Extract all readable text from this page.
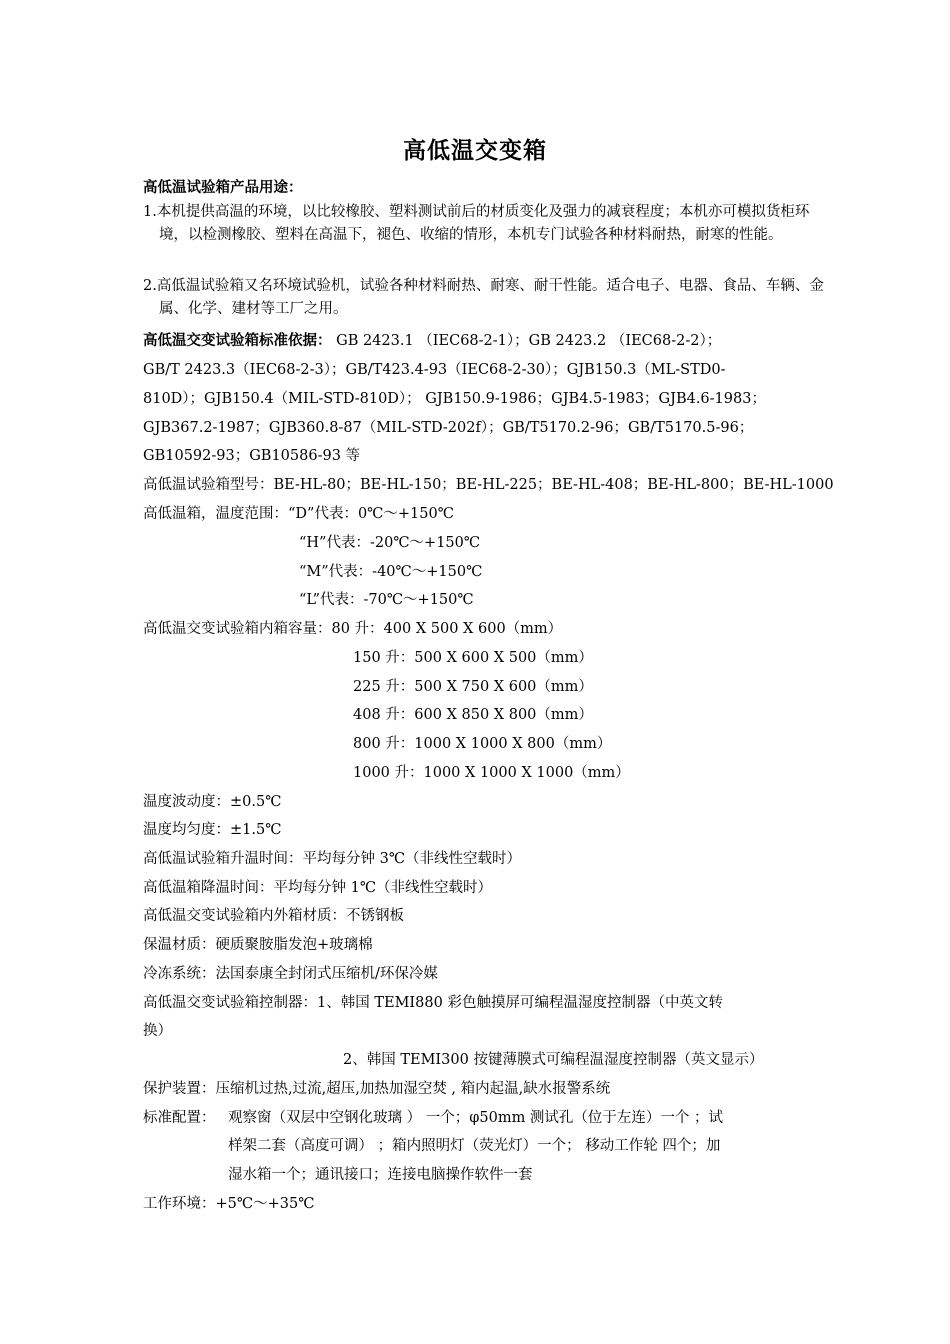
高低温交变箱
高低温试验箱产品用途：
1.本机提供高温的环境，以比较橡胶、塑料测试前后的材质变化及强力的减衰程度；本机亦可模拟货柜环境，以检测橡胶、塑料在高温下，褪色、收缩的情形，本机专门试验各种材料耐热，耐寒的性能。
2.高低温试验箱又名环境试验机，试验各种材料耐热、耐寒、耐干性能。适合电子、电器、食品、车辆、金属、化学、建材等工厂之用。
高低温交变试验箱标准依据： GB 2423.1 （IEC68-2-1）；GB 2423.2 （IEC68-2-2）；
GB/T 2423.3（IEC68-2-3）；GB/T423.4-93（IEC68-2-30）；GJB150.3（ML-STD0-
810D）；GJB150.4（MIL-STD-810D）； GJB150.9-1986；GJB4.5-1983；GJB4.6-1983；
GJB367.2-1987；GJB360.8-87（MIL-STD-202f）；GB/T5170.2-96；GB/T5170.5-96；
GB10592-93；GB10586-93 等
高低温试验箱型号：BE-HL-80；BE-HL-150；BE-HL-225；BE-HL-408；BE-HL-800；BE-HL-1000
高低温箱，温度范围：“D”代表：0℃～+150℃
“H”代表：-20℃～+150℃
“M”代表：-40℃～+150℃
“L”代表：-70℃～+150℃
高低温交变试验箱内箱容量：80 升：400 X 500 X 600（mm）
150 升：500 X 600 X 500（mm）
225 升：500 X 750 X 600（mm）
408 升：600 X 850 X 800（mm）
800 升：1000 X 1000 X 800（mm）
1000 升：1000 X 1000 X 1000（mm）
温度波动度：±0.5℃
温度均匀度：±1.5℃
高低温试验箱升温时间：平均每分钟 3℃（非线性空载时）
高低温箱降温时间：平均每分钟 1℃（非线性空载时）
高低温交变试验箱内外箱材质：不锈钢板
保温材质：硬质聚胺脂发泡+玻璃棉
冷冻系统：法国泰康全封闭式压缩机/环保冷媒
高低温交变试验箱控制器：1、韩国 TEMI880 彩色触摸屏可编程温湿度控制器（中英文转
换）
2、韩国 TEMI300 按键薄膜式可编程温湿度控制器（英文显示）
保护装置：压缩机过热,过流,超压,加热加湿空焚 , 箱内起温,缺水报警系统
标准配置： 观察窗（双层中空钢化玻璃 ） 一个；φ50mm 测试孔（位于左连）一个 ；试
样架二套（高度可调） ；箱内照明灯（荧光灯）一个； 移动工作轮 四个；加
湿水箱一个；通讯接口；连接电脑操作软件一套
工作环境：+5℃～+35℃
